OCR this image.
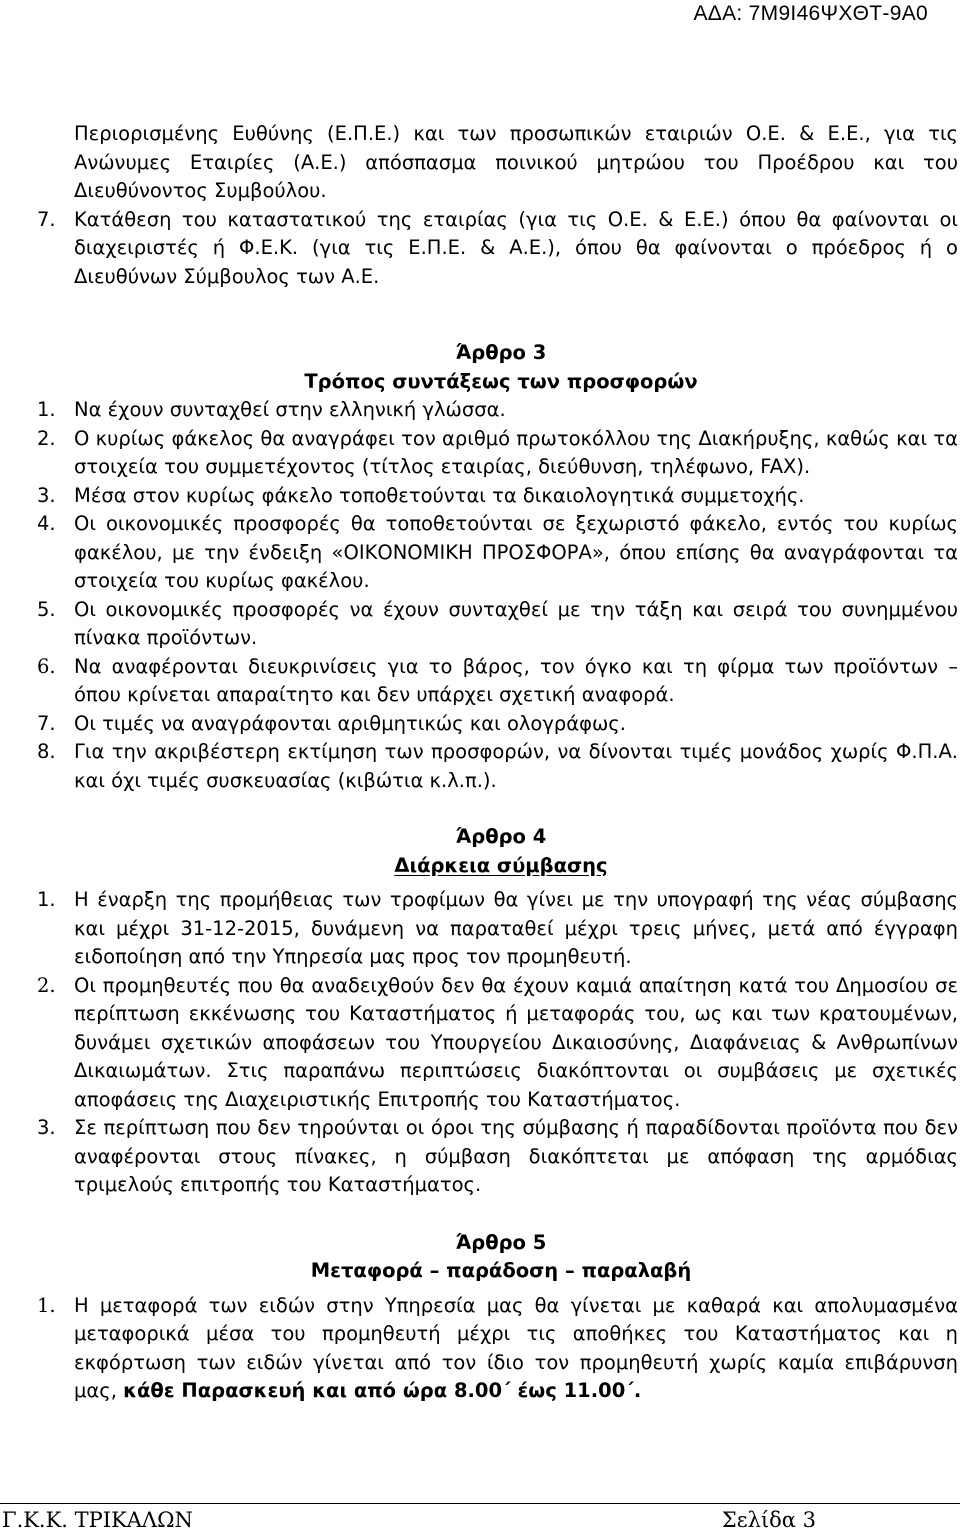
ΑΔΑ: 7Μ9Ι46ΨΧΘΤ-9Α0
Περιορισμένης Ευθύνης (Ε.Π.Ε.) και των προσωπικών εταιριών Ο.Ε. & Ε.Ε., για τις Ανώνυμες Εταιρίες (Α.Ε.) απόσπασμα ποινικού μητρώου του Προέδρου και του Διευθύνοντος Συμβούλου.
7. Κατάθεση του καταστατικού της εταιρίας (για τις Ο.Ε. & Ε.Ε.) όπου θα φαίνονται οι διαχειριστές ή Φ.Ε.Κ. (για τις Ε.Π.Ε. & Α.Ε.), όπου θα φαίνονται ο πρόεδρος ή ο Διευθύνων Σύμβουλος των Α.Ε.
Άρθρο 3
Τρόπος συντάξεως των προσφορών
1. Να έχουν συνταχθεί στην ελληνική γλώσσα.
2. Ο κυρίως φάκελος θα αναγράφει τον αριθμό πρωτοκόλλου της Διακήρυξης, καθώς και τα στοιχεία του συμμετέχοντος (τίτλος εταιρίας, διεύθυνση, τηλέφωνο, FAX).
3. Μέσα στον κυρίως φάκελο τοποθετούνται τα δικαιολογητικά συμμετοχής.
4. Οι οικονομικές προσφορές θα τοποθετούνται σε ξεχωριστό φάκελο, εντός του κυρίως φακέλου, με την ένδειξη «ΟΙΚΟΝΟΜΙΚΗ ΠΡΟΣΦΟΡΑ», όπου επίσης θα αναγράφονται τα στοιχεία του κυρίως φακέλου.
5. Οι οικονομικές προσφορές να έχουν συνταχθεί με την τάξη και σειρά του συνημμένου πίνακα προϊόντων.
6. Να αναφέρονται διευκρινίσεις για το βάρος, τον όγκο και τη φίρμα των προϊόντων – όπου κρίνεται απαραίτητο και δεν υπάρχει σχετική αναφορά.
7. Οι τιμές να αναγράφονται αριθμητικώς και ολογράφως.
8. Για την ακριβέστερη εκτίμηση των προσφορών, να δίνονται τιμές μονάδος χωρίς Φ.Π.Α. και όχι τιμές συσκευασίας (κιβώτια κ.λ.π.).
Άρθρο 4
Διάρκεια σύμβασης
1. Η έναρξη της προμήθειας των τροφίμων θα γίνει με την υπογραφή της νέας σύμβασης και μέχρι 31-12-2015, δυνάμενη να παραταθεί μέχρι τρεις μήνες, μετά από έγγραφη ειδοποίηση από την Υπηρεσία μας προς τον προμηθευτή.
2. Οι προμηθευτές που θα αναδειχθούν δεν θα έχουν καμιά απαίτηση κατά του Δημοσίου σε περίπτωση εκκένωσης του Καταστήματος ή μεταφοράς του, ως και των κρατουμένων, δυνάμει σχετικών αποφάσεων του Υπουργείου Δικαιοσύνης, Διαφάνειας & Ανθρωπίνων Δικαιωμάτων. Στις παραπάνω περιπτώσεις διακόπτονται οι συμβάσεις με σχετικές αποφάσεις της Διαχειριστικής Επιτροπής του Καταστήματος.
3. Σε περίπτωση που δεν τηρούνται οι όροι της σύμβασης ή παραδίδονται προϊόντα που δεν αναφέρονται στους πίνακες, η σύμβαση διακόπτεται με απόφαση της αρμόδιας τριμελούς επιτροπής του Καταστήματος.
Άρθρο 5
Μεταφορά – παράδοση – παραλαβή
1. Η μεταφορά των ειδών στην Υπηρεσία μας θα γίνεται με καθαρά και απολυμασμένα μεταφορικά μέσα του προμηθευτή μέχρι τις αποθήκες του Καταστήματος και η εκφόρτωση των ειδών γίνεται από τον ίδιο τον προμηθευτή χωρίς καμία επιβάρυνση μας, κάθε Παρασκευή και από ώρα 8.00΄ έως 11.00΄.
Γ.Κ.Κ. ΤΡΙΚΑΛΩΝ	Σελίδα 3
